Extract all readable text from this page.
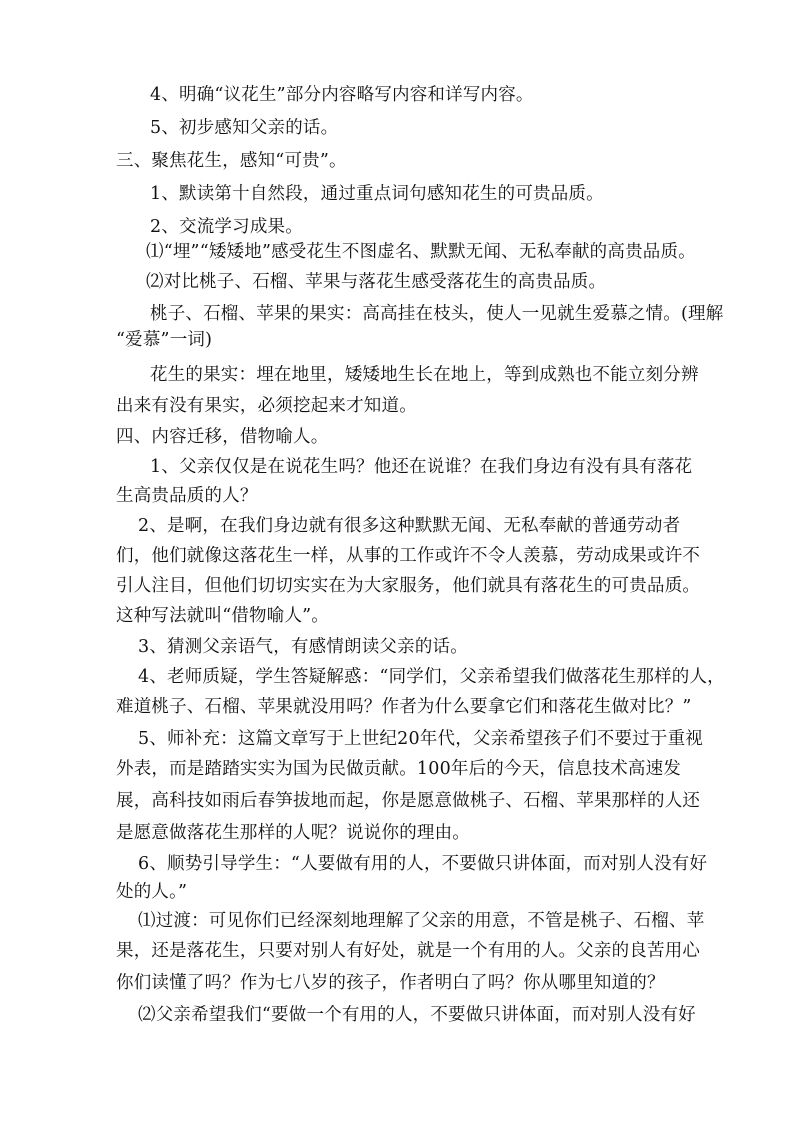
4、明确“议花生”部分内容略写内容和详写内容。
5、初步感知父亲的话。
三、聚焦花生，感知“可贵”。
1、默读第十自然段，通过重点词句感知花生的可贵品质。
2、交流学习成果。
⑴“埋”“矮矮地”感受花生不图虚名、默默无闻、无私奉献的高贵品质。
⑵对比桃子、石榴、苹果与落花生感受落花生的高贵品质。
桃子、石榴、苹果的果实：高高挂在枝头，使人一见就生爱慕之情。(理解
“爱慕”一词)
花生的果实：埋在地里，矮矮地生长在地上，等到成熟也不能立刻分辨
出来有没有果实，必须挖起来才知道。
四、内容迁移，借物喻人。
1、父亲仅仅是在说花生吗？他还在说谁？在我们身边有没有具有落花
生高贵品质的人？
2、是啊，在我们身边就有很多这种默默无闻、无私奉献的普通劳动者
们，他们就像这落花生一样，从事的工作或许不令人羡慕，劳动成果或许不
引人注目，但他们切切实实在为大家服务，他们就具有落花生的可贵品质。
这种写法就叫“借物喻人”。
3、猜测父亲语气，有感情朗读父亲的话。
4、老师质疑，学生答疑解惑：“同学们，父亲希望我们做落花生那样的人，
难道桃子、石榴、苹果就没用吗？作者为什么要拿它们和落花生做对比？”
5、师补充：这篇文章写于上世纪20年代，父亲希望孩子们不要过于重视
外表，而是踏踏实实为国为民做贡献。100年后的今天，信息技术高速发
展，高科技如雨后春笋拔地而起，你是愿意做桃子、石榴、苹果那样的人还
是愿意做落花生那样的人呢？说说你的理由。
6、顺势引导学生：“人要做有用的人，不要做只讲体面，而对别人没有好
处的人。”
⑴过渡：可见你们已经深刻地理解了父亲的用意，不管是桃子、石榴、苹
果，还是落花生，只要对别人有好处，就是一个有用的人。父亲的良苦用心
你们读懂了吗？作为七八岁的孩子，作者明白了吗？你从哪里知道的？
⑵父亲希望我们“要做一个有用的人，不要做只讲体面，而对别人没有好
